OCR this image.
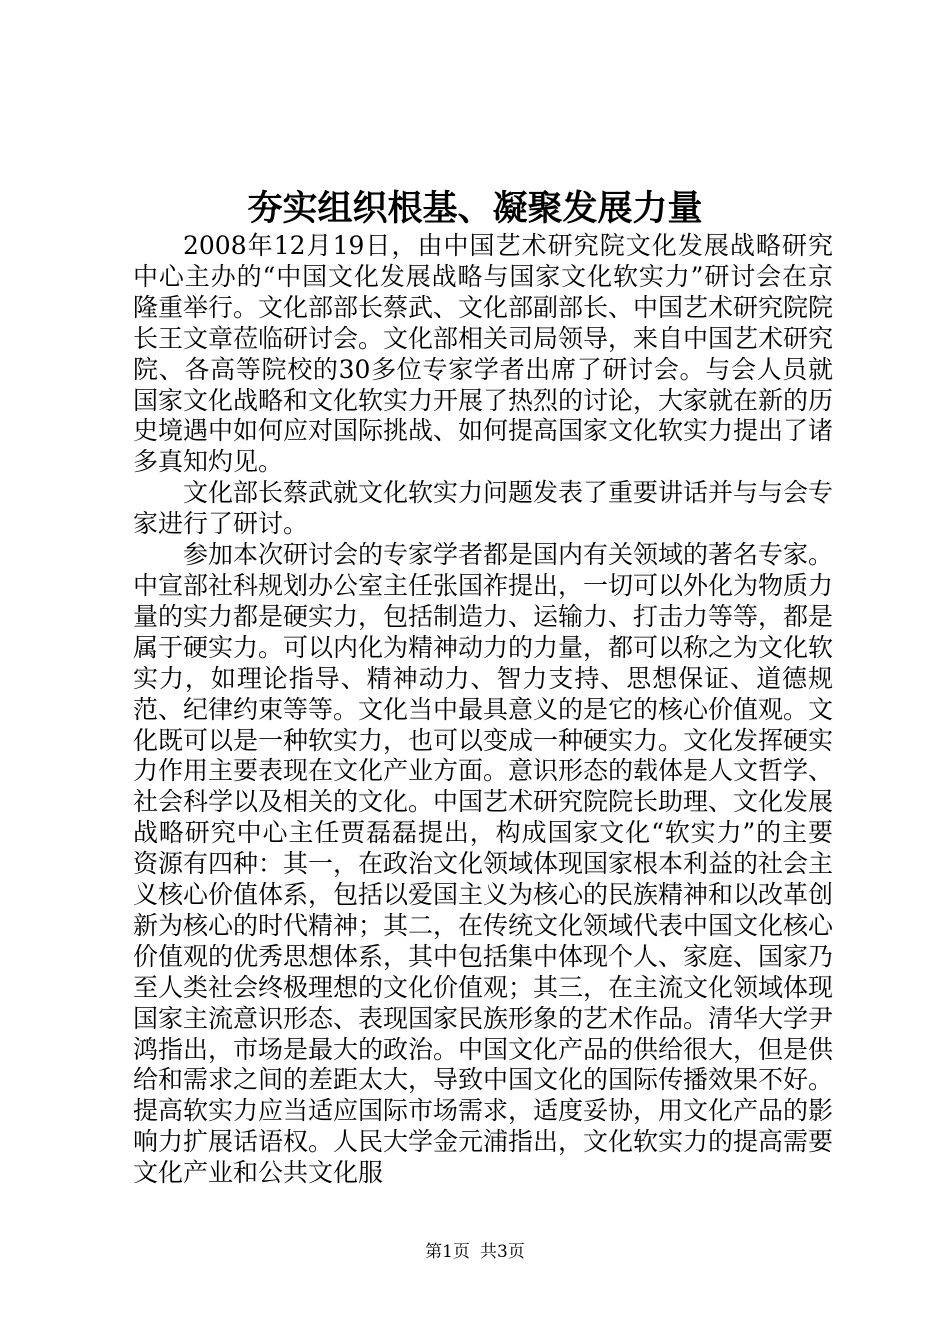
夯实组织根基、凝聚发展力量

2008年12月19日，由中国艺术研究院文化发展战略研究中心主办的“中国文化发展战略与国家文化软实力”研讨会在京隆重举行。文化部部长蔡武、文化部副部长、中国艺术研究院院长王文章莅临研讨会。文化部相关司局领导，来自中国艺术研究院、各高等院校的30多位专家学者出席了研讨会。与会人员就国家文化战略和文化软实力开展了热烈的讨论，大家就在新的历史境遇中如何应对国际挑战、如何提高国家文化软实力提出了诸多真知灼见。

文化部长蔡武就文化软实力问题发表了重要讲话并与与会专家进行了研讨。

参加本次研讨会的专家学者都是国内有关领域的著名专家。中宣部社科规划办公室主任张国祚提出，一切可以外化为物质力量的实力都是硬实力，包括制造力、运输力、打击力等等，都是属于硬实力。可以内化为精神动力的力量，都可以称之为文化软实力，如理论指导、精神动力、智力支持、思想保证、道德规范、纪律约束等等。文化当中最具意义的是它的核心价值观。文化既可以是一种软实力，也可以变成一种硬实力。文化发挥硬实力作用主要表现在文化产业方面。意识形态的载体是人文哲学、社会科学以及相关的文化。中国艺术研究院院长助理、文化发展战略研究中心主任贾磊磊提出，构成国家文化“软实力”的主要资源有四种：其一，在政治文化领域体现国家根本利益的社会主义核心价值体系，包括以爱国主义为核心的民族精神和以改革创新为核心的时代精神；其二，在传统文化领域代表中国文化核心价值观的优秀思想体系，其中包括集中体现个人、家庭、国家乃至人类社会终极理想的文化价值观；其三，在主流文化领域体现国家主流意识形态、表现国家民族形象的艺术作品。清华大学尹鸿指出，市场是最大的政治。中国文化产品的供给很大，但是供给和需求之间的差距太大，导致中国文化的国际传播效果不好。提高软实力应当适应国际市场需求，适度妥协，用文化产品的影响力扩展话语权。人民大学金元浦指出，文化软实力的提高需要文化产业和公共文化服

第1页 共3页
